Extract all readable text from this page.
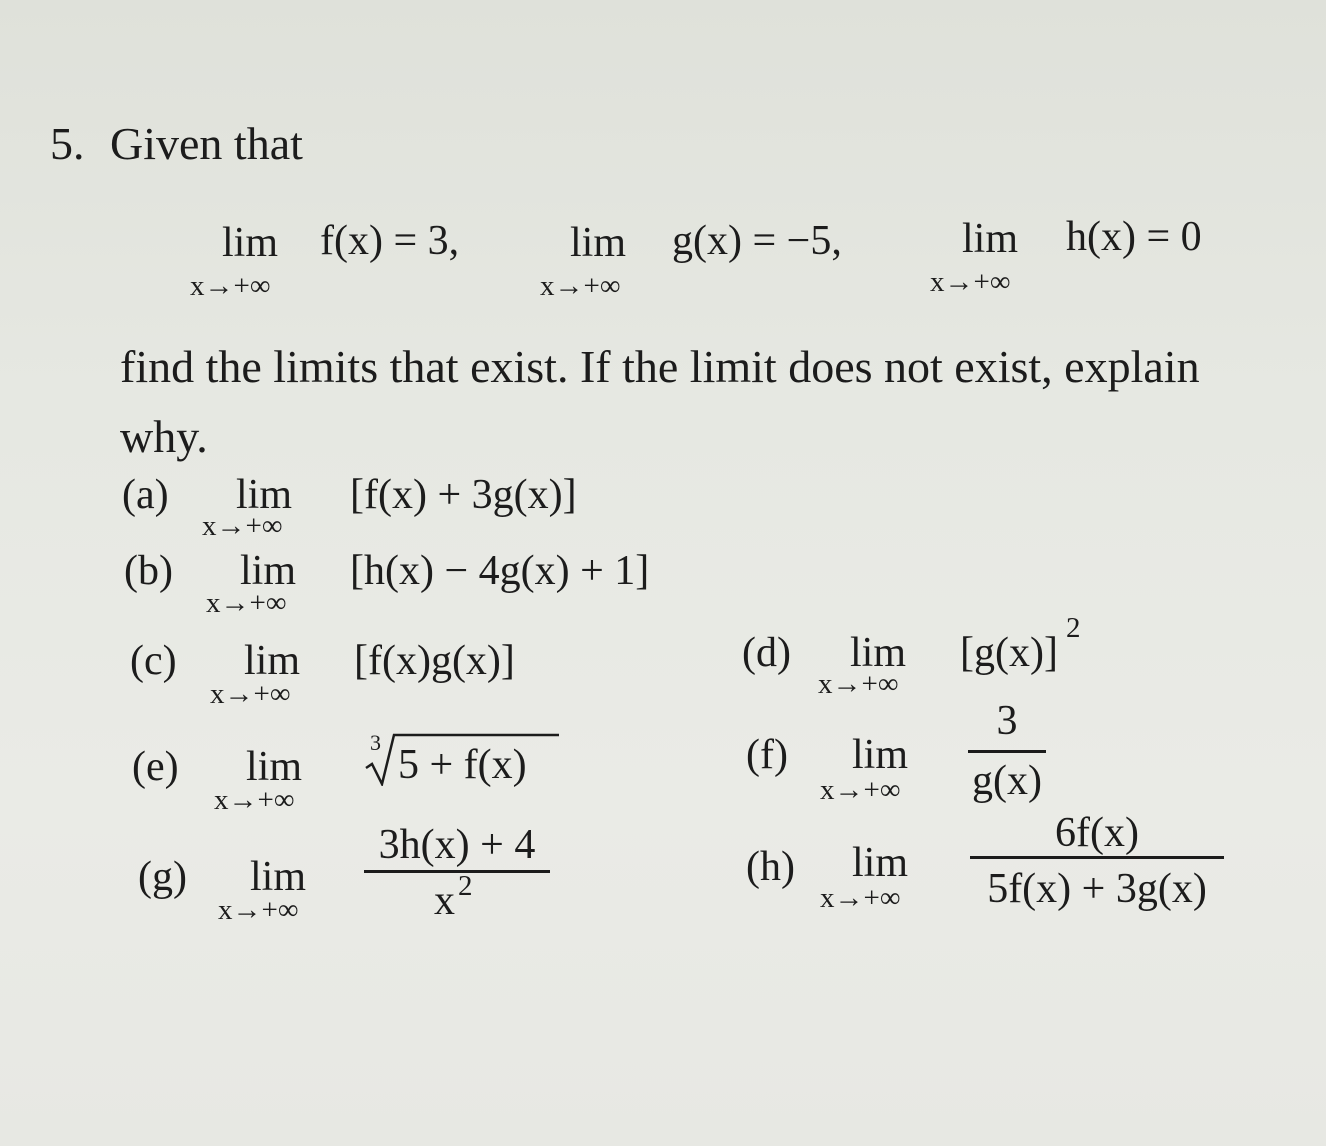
5. Given that
lim
x→+∞
f(x) = 3,	lim
x→+∞
g(x) = −5,	lim
x→+∞
h(x) = 0
find the limits that exist. If the limit does not exist, explain
why.
(a) lim
x→+∞
[f(x) + 3g(x)]
(b) lim
x→+∞
[h(x) − 4g(x) + 1]
(c) lim
x→+∞
[f(x)g(x)]	(d) lim
x→+∞
[g(x)]
2
(e) lim
x→+∞
3 5 + f(x)	(f) lim
x→+∞
3
g(x)
(g) lim
x→+∞
3h(x) + 4
x 2	(h) lim
x→+∞
6f(x)
5f(x) + 3g(x)
